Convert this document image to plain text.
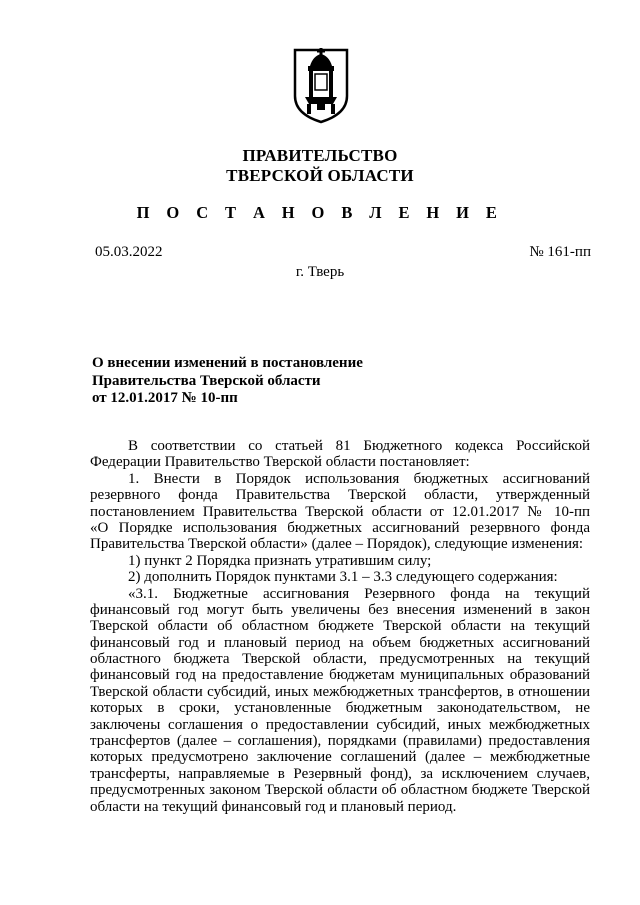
ПРАВИТЕЛЬСТВО
ТВЕРСКОЙ ОБЛАСТИ
П О С Т А Н О В Л Е Н И Е
05.03.2022	№ 161-пп
г. Тверь
О внесении изменений в постановление
Правительства Тверской области
от 12.01.2017 № 10-пп
В соответствии со статьей 81 Бюджетного кодекса Российской
Федерации Правительство Тверской области постановляет:
1. Внести в Порядок использования бюджетных ассигнований
резервного фонда Правительства Тверской области, утвержденный
постановлением Правительства Тверской области от 12.01.2017 № 10-пп
«О Порядке использования бюджетных ассигнований резервного фонда
Правительства Тверской области» (далее – Порядок), следующие изменения:
1) пункт 2 Порядка признать утратившим силу;
2) дополнить Порядок пунктами 3.1 – 3.3 следующего содержания:
«3.1. Бюджетные ассигнования Резервного фонда на текущий
финансовый год могут быть увеличены без внесения изменений в закон
Тверской области об областном бюджете Тверской области на текущий
финансовый год и плановый период на объем бюджетных ассигнований
областного бюджета Тверской области, предусмотренных на текущий
финансовый год на предоставление бюджетам муниципальных образований
Тверской области субсидий, иных межбюджетных трансфертов, в отношении
которых в сроки, установленные бюджетным законодательством, не
заключены соглашения о предоставлении субсидий, иных межбюджетных
трансфертов (далее – соглашения), порядками (правилами) предоставления
которых предусмотрено заключение соглашений (далее – межбюджетные
трансферты, направляемые в Резервный фонд), за исключением случаев,
предусмотренных законом Тверской области об областном бюджете Тверской
области на текущий финансовый год и плановый период.
